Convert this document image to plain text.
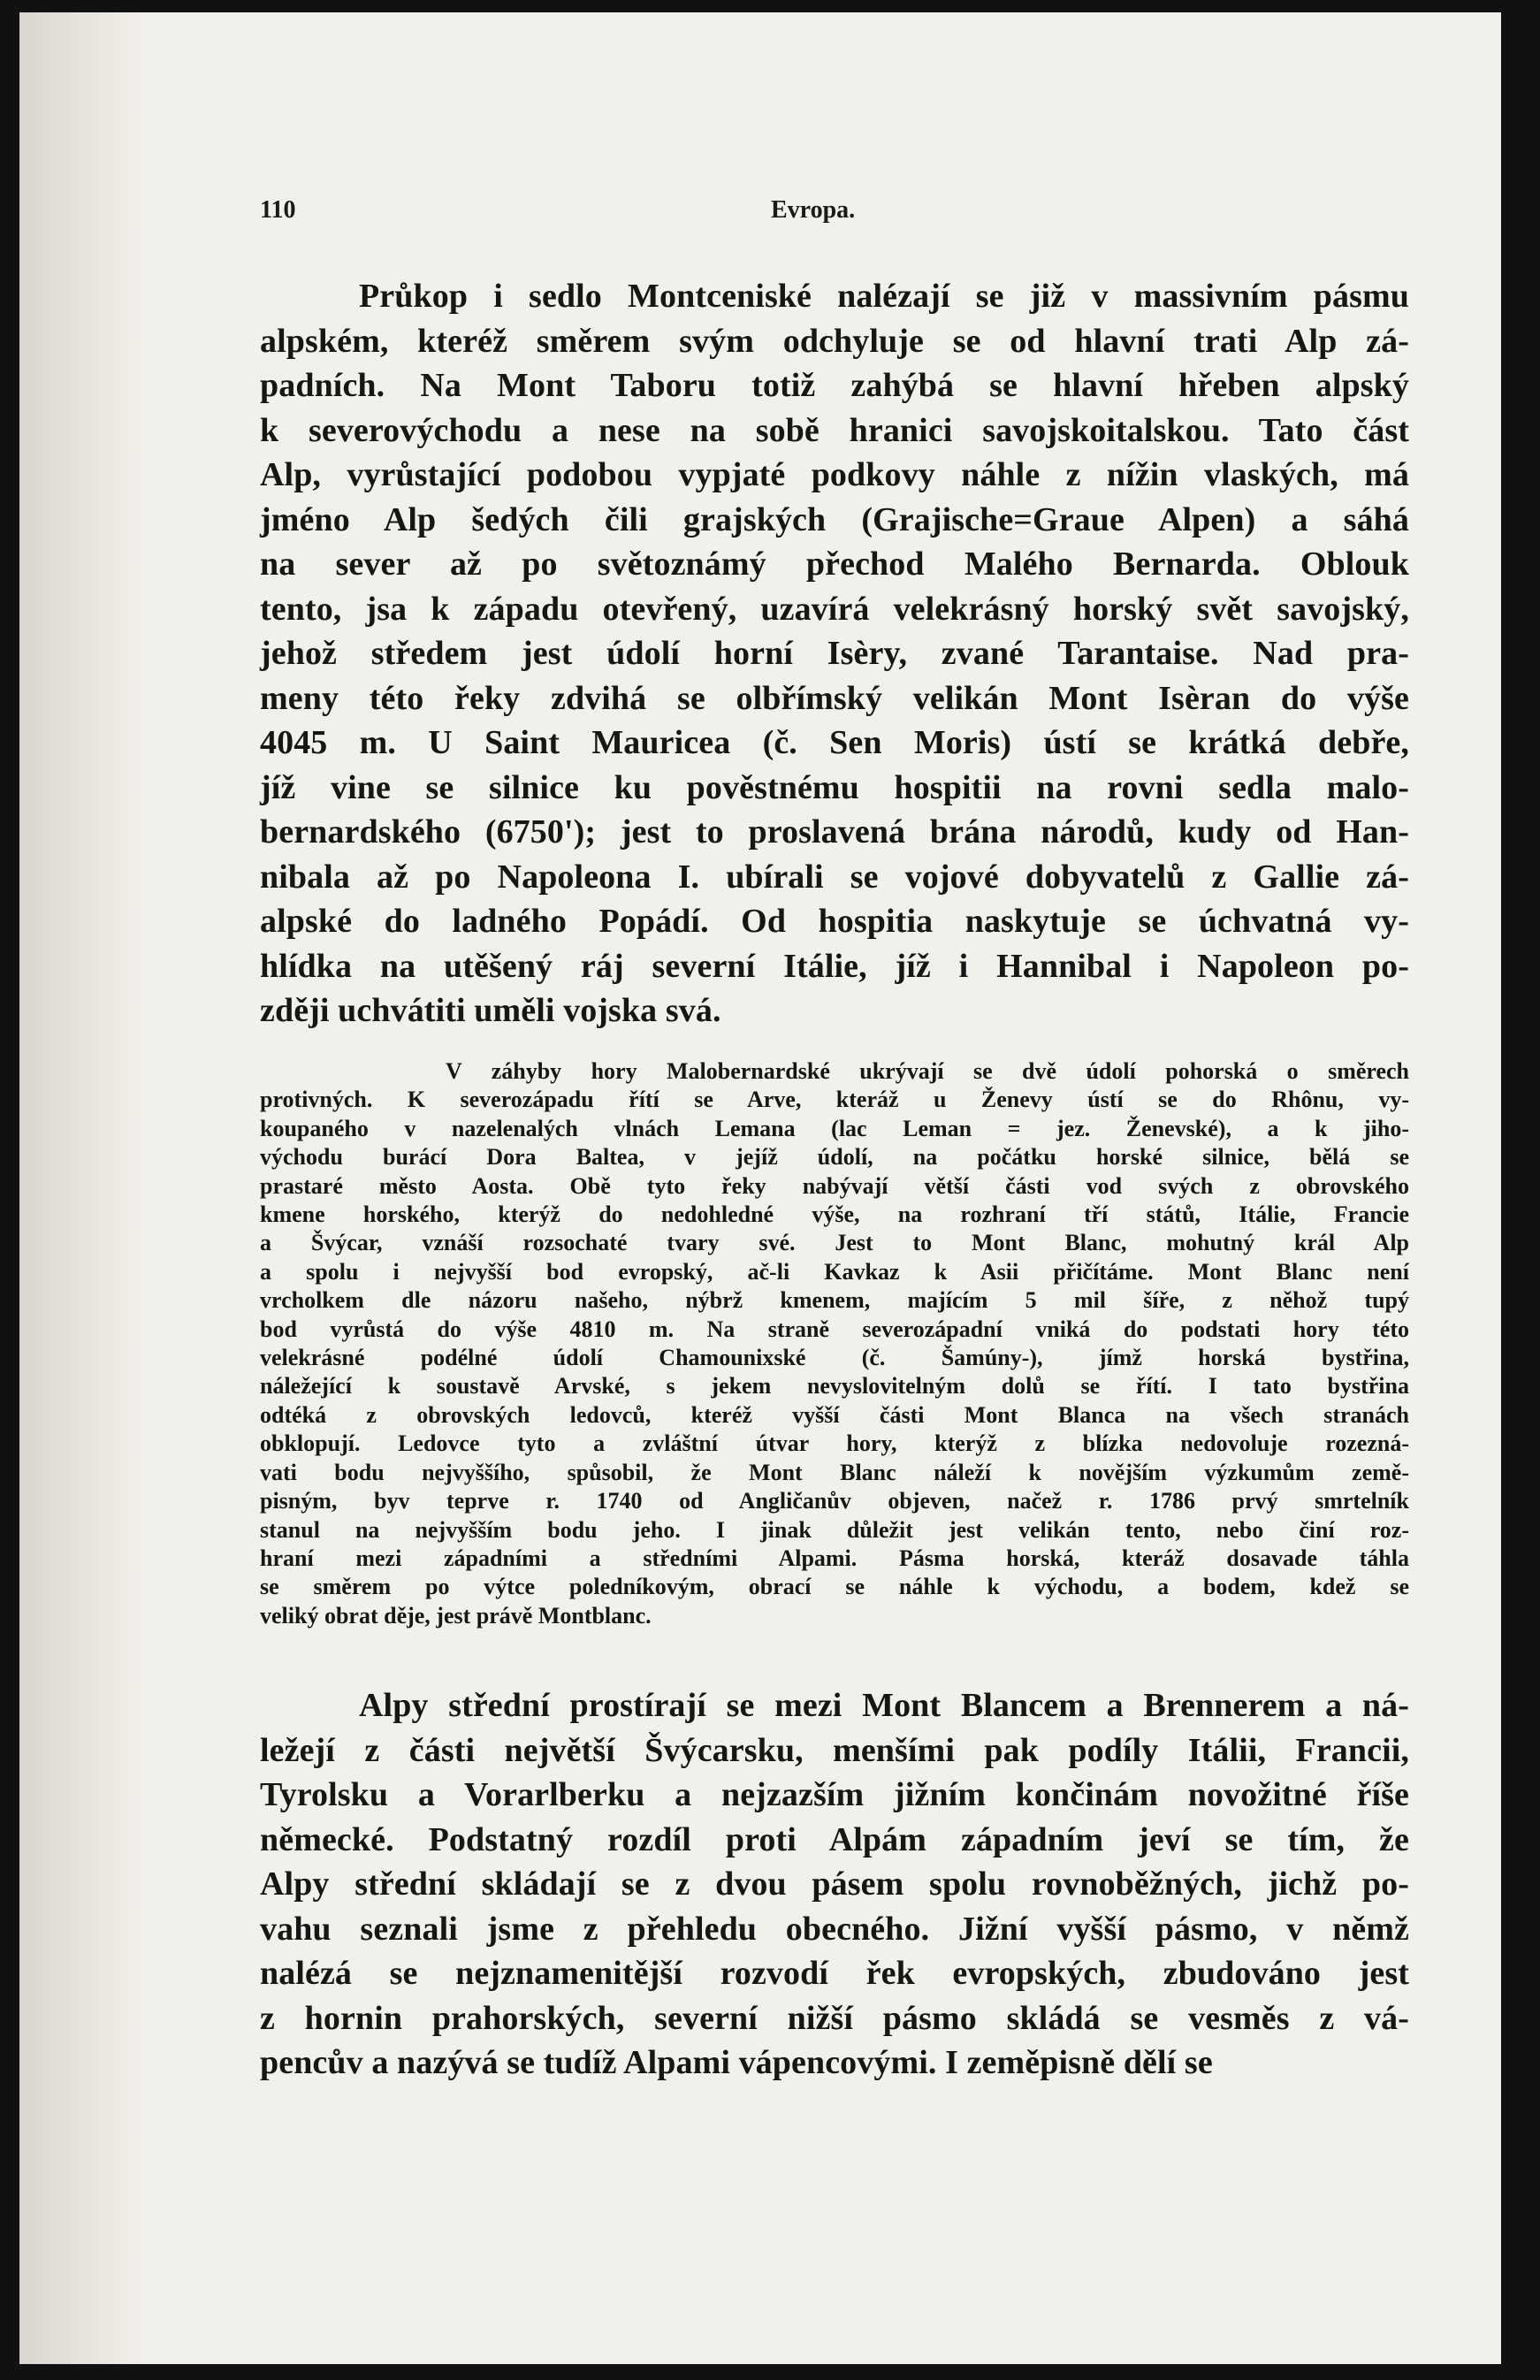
110	Evropa.
Průkop i sedlo Montceniské nalézají se již v massivním pásmu
alpském, kteréž směrem svým odchyluje se od hlavní trati Alp zá-
padních. Na Mont Taboru totiž zahýbá se hlavní hřeben alpský
k severovýchodu a nese na sobě hranici savojskoitalskou. Tato část
Alp, vyrůstající podobou vypjaté podkovy náhle z nížin vlaských, má
jméno Alp šedých čili grajských (Grajische=Graue Alpen) a sáhá
na sever až po světoznámý přechod Malého Bernarda. Oblouk
tento, jsa k západu otevřený, uzavírá velekrásný horský svět savojský,
jehož středem jest údolí horní Isèry, zvané Tarantaise. Nad pra-
meny této řeky zdvihá se olbřímský velikán Mont Isèran do výše
4045 m. U Saint Mauricea (č. Sen Moris) ústí se krátká debře,
jíž vine se silnice ku pověstnému hospitii na rovni sedla malo-
bernardského (6750'); jest to proslavená brána národů, kudy od Han-
nibala až po Napoleona I. ubírali se vojové dobyvatelů z Gallie zá-
alpské do ladného Popádí. Od hospitia naskytuje se úchvatná vy-
hlídka na utěšený ráj severní Itálie, jíž i Hannibal i Napoleon po-
zději uchvátiti uměli vojska svá.
V záhyby hory Malobernardské ukrývají se dvě údolí pohorská o směrech
protivných. K severozápadu řítí se Arve, kteráž u Ženevy ústí se do Rhônu, vy-
koupaného v nazelenalých vlnách Lemana (lac Leman = jez. Ženevské), a k jiho-
východu burácí Dora Baltea, v jejíž údolí, na počátku horské silnice, bělá se
prastaré město Aosta. Obě tyto řeky nabývají větší části vod svých z obrovského
kmene horského, kterýž do nedohledné výše, na rozhraní tří států, Itálie, Francie
a Švýcar, vznáší rozsochaté tvary své. Jest to Mont Blanc, mohutný král Alp
a spolu i nejvyšší bod evropský, ač-li Kavkaz k Asii přičítáme. Mont Blanc není
vrcholkem dle názoru našeho, nýbrž kmenem, majícím 5 mil šíře, z něhož tupý
bod vyrůstá do výše 4810 m. Na straně severozápadní vniká do podstati hory této
velekrásné podélné údolí Chamounixské (č. Šamúny-), jímž horská bystřina,
náležející k soustavě Arvské, s jekem nevyslovitelným dolů se řítí. I tato bystřina
odtéká z obrovských ledovců, kteréž vyšší části Mont Blanca na všech stranách
obklopují. Ledovce tyto a zvláštní útvar hory, kterýž z blízka nedovoluje rozezná-
vati bodu nejvyššího, spůsobil, že Mont Blanc náleží k novějším výzkumům země-
pisným, byv teprve r. 1740 od Angličanův objeven, načež r. 1786 prvý smrtelník
stanul na nejvyšším bodu jeho. I jinak důležit jest velikán tento, nebo činí roz-
hraní mezi západními a středními Alpami. Pásma horská, kteráž dosavade táhla
se směrem po výtce poledníkovým, obrací se náhle k východu, a bodem, kdež se
veliký obrat děje, jest právě Montblanc.
Alpy střední prostírají se mezi Mont Blancem a Brennerem a ná-
ležejí z části největší Švýcarsku, menšími pak podíly Itálii, Francii,
Tyrolsku a Vorarlberku a nejzazším jižním končinám novožitné říše
německé. Podstatný rozdíl proti Alpám západním jeví se tím, že
Alpy střední skládají se z dvou pásem spolu rovnoběžných, jichž po-
vahu seznali jsme z přehledu obecného. Jižní vyšší pásmo, v němž
nalézá se nejznamenitější rozvodí řek evropských, zbudováno jest
z hornin prahorských, severní nižší pásmo skládá se vesměs z vá-
pencův a nazývá se tudíž Alpami vápencovými. I zeměpisně dělí se
